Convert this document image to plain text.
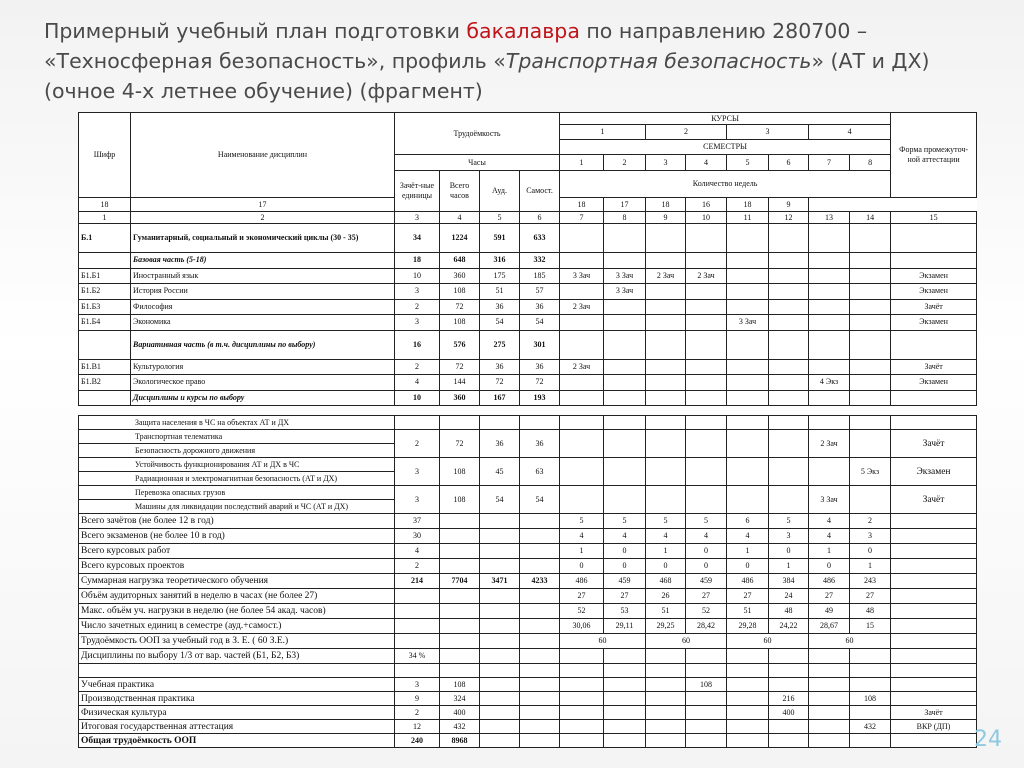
Примерный учебный план подготовки бакалавра по направлению 280700 – «Техносферная безопасность», профиль «Транспортная безопасность» (АТ и ДХ) (очное 4-х летнее обучение) (фрагмент)
Шифр	Наименование дисциплин	Трудоёмкость				КУРСЫ								Форма промежуточ-ной аттестации
						1		2		3		4		
						СЕМЕСТРЫ								
		Часы				1	2	3	4	5	6	7	8	
		Зачёт-ные единицы	Всего часов	Ауд.	Самост.	Количество недель								
18	17					18	17	18	16	18	9			
1	2	3	4	5	6	7	8	9	10	11	12	13	14	15
Б.1	Гуманитарный, социальный и экономический циклы (30 - 35)	34	1224	591	633									
	Базовая часть (5-18)	18	648	316	332									
Б1.Б1	Иностранный язык	10	360	175	185	3 Зач	3 Зач	2 Зач	2 Зач					Экзамен
Б1.Б2	История России	3	108	51	57		3 Зач							Экзамен
Б1.Б3	Философия	2	72	36	36	2 Зач								Зачёт
Б1.Б4	Экономика	3	108	54	54					3 Зач				Экзамен
	Вариативная часть (в т.ч. дисциплины по выбору)	16	576	275	301									
Б1.В1	Культурология	2	72	36	36	2 Зач								Зачёт
Б1.В2	Экологическое право	4	144	72	72							4 Экз		Экзамен
	Дисциплины и курсы по выбору	10	360	167	193									
Защита населения в ЧС на объектах АТ и ДХ													
Транспортная телематика	2	72	36	36							2 Зач		Зачёт
Безопасность дорожного движения													
Устойчивость функционирования АТ и ДХ в ЧС	3	108	45	63								5 Экз	Экзамен
Радиационная и электромагнитная безопасность (АТ и ДХ)													
Перевозка опасных грузов	3	108	54	54							3 Зач		Зачёт
Машины для ликвидации последствий аварий и ЧС (АТ и ДХ)													
Всего зачётов (не более 12 в год)	37				5	5	5	5	6	5	4	2	
Всего экзаменов (не более 10 в год)	30				4	4	4	4	4	3	4	3	
Всего курсовых работ	4				1	0	1	0	1	0	1	0	
Всего курсовых проектов	2				0	0	0	0	0	1	0	1	
Суммарная нагрузка теоретического обучения	214	7704	3471	4233	486	459	468	459	486	384	486	243	
Объём аудиторных занятий в неделю в часах (не более 27)					27	27	26	27	27	24	27	27	
Макс. объём уч. нагрузки в неделю (не более 54 акад. часов)					52	53	51	52	51	48	49	48	
Число зачетных единиц в семестре (ауд.+самост.)					30,06	29,11	29,25	28,42	29,28	24,22	28,67	15	
Трудоёмкость ООП за учебный год в З. Е. ( 60 З.Е.)					60		60		60		60		
Дисциплины по выбору 1/3 от вар. частей (Б1, Б2, Б3)	34 %												

Учебная практика	3	108						108					
Производственная практика	9	324								216		108	
Физическая культура	2	400								400			Зачёт
Итоговая государственная аттестация	12	432										432	ВКР (ДП)
Общая трудоёмкость ООП	240	8968												24
